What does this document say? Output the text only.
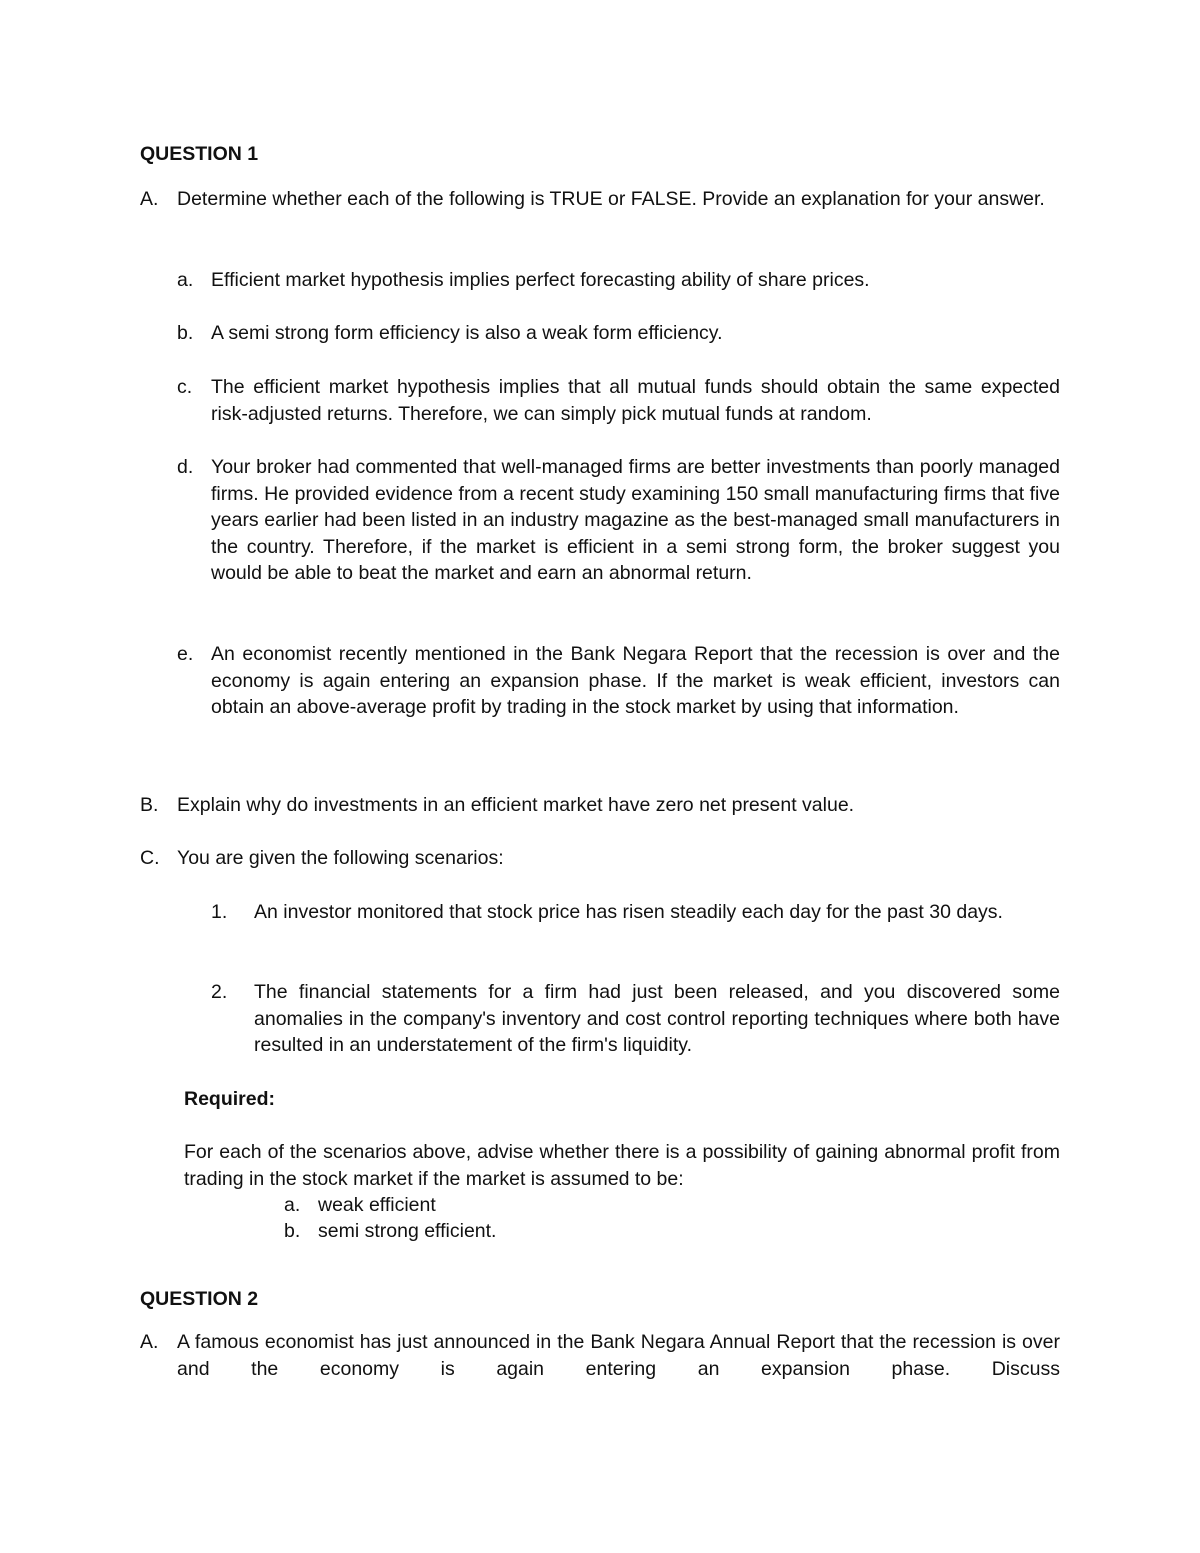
QUESTION 1
A. Determine whether each of the following is TRUE or FALSE. Provide an explanation for your answer.
a. Efficient market hypothesis implies perfect forecasting ability of share prices.
b. A semi strong form efficiency is also a weak form efficiency.
c. The efficient market hypothesis implies that all mutual funds should obtain the same expected risk-adjusted returns. Therefore, we can simply pick mutual funds at random.
d. Your broker had commented that well-managed firms are better investments than poorly managed firms. He provided evidence from a recent study examining 150 small manufacturing firms that five years earlier had been listed in an industry magazine as the best-managed small manufacturers in the country. Therefore, if the market is efficient in a semi strong form, the broker suggest you would be able to beat the market and earn an abnormal return.
e. An economist recently mentioned in the Bank Negara Report that the recession is over and the economy is again entering an expansion phase. If the market is weak efficient, investors can obtain an above-average profit by trading in the stock market by using that information.
B. Explain why do investments in an efficient market have zero net present value.
C. You are given the following scenarios:
1. An investor monitored that stock price has risen steadily each day for the past 30 days.
2. The financial statements for a firm had just been released, and you discovered some anomalies in the company's inventory and cost control reporting techniques where both have resulted in an understatement of the firm's liquidity.
Required:
For each of the scenarios above, advise whether there is a possibility of gaining abnormal profit from trading in the stock market if the market is assumed to be:
a. weak efficient
b. semi strong efficient.
QUESTION 2
A. A famous economist has just announced in the Bank Negara Annual Report that the recession is over and the economy is again entering an expansion phase. Discuss
